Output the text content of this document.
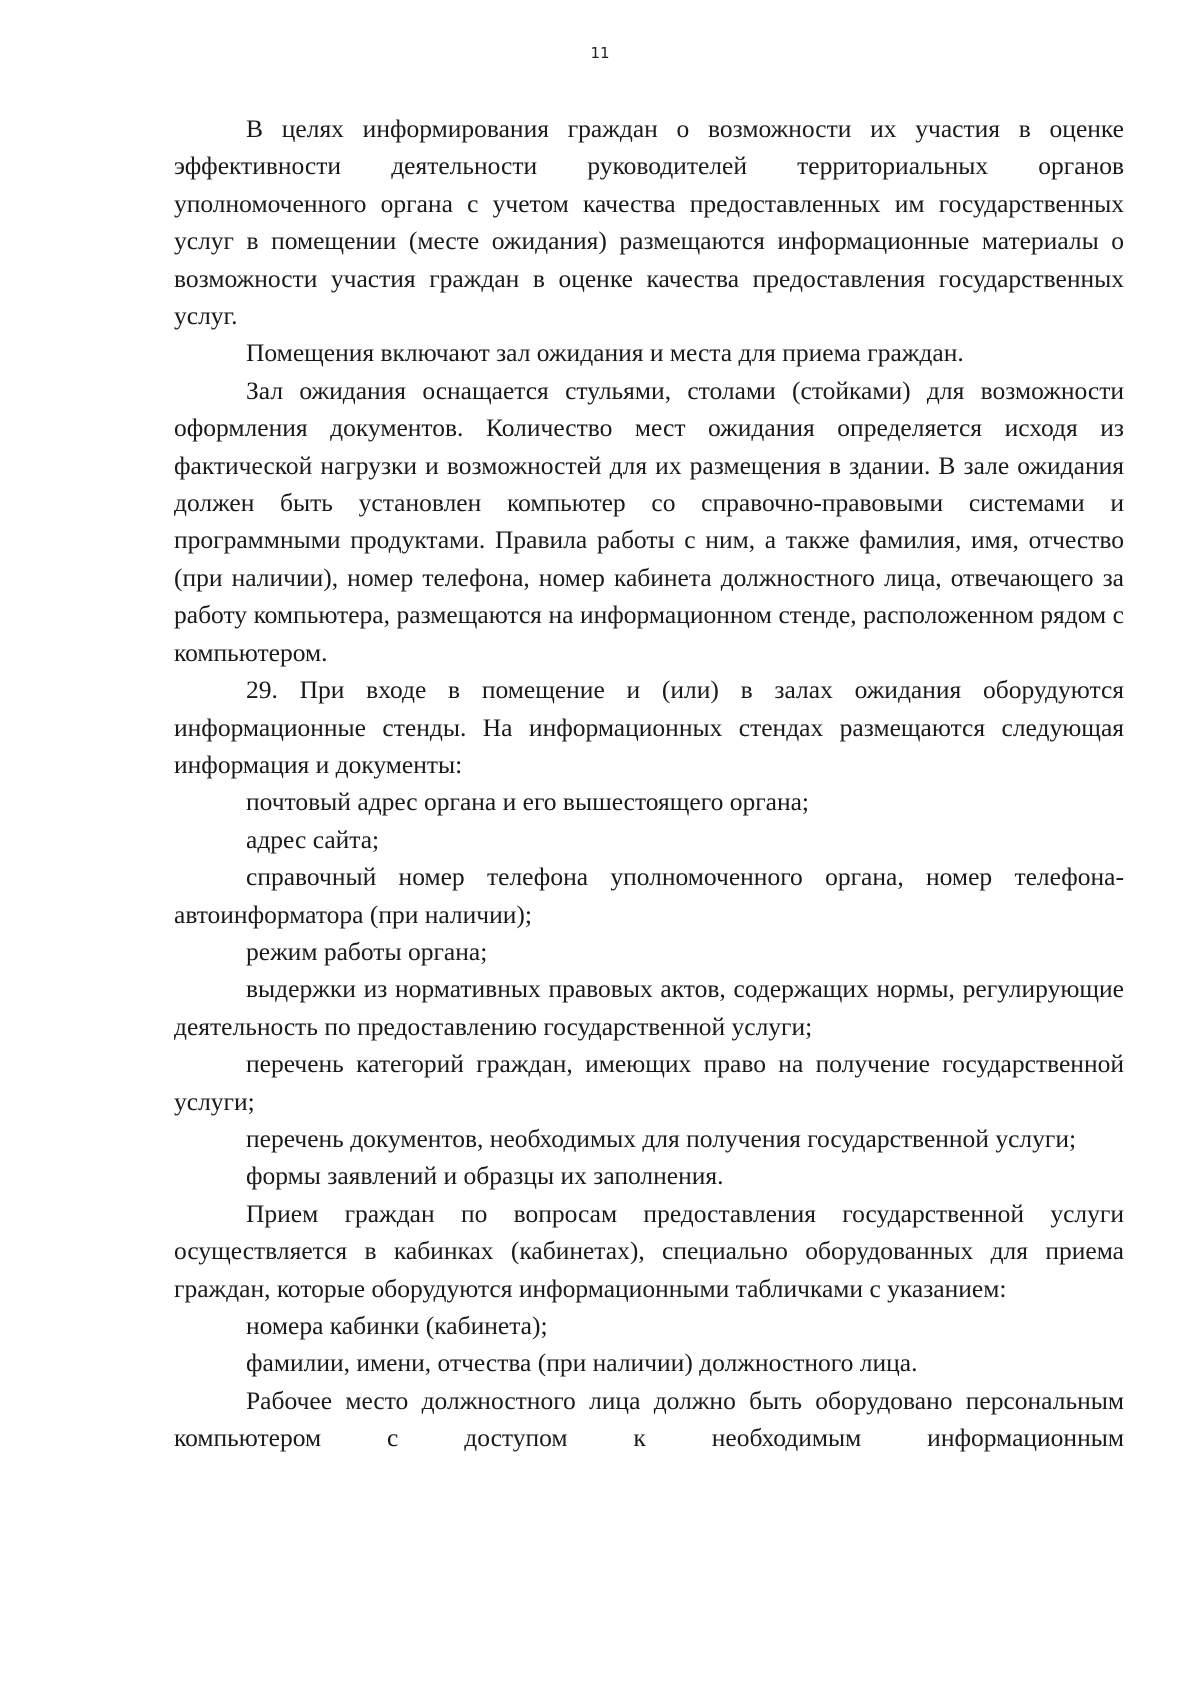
11

В целях информирования граждан о возможности их участия в оценке эффективности деятельности руководителей территориальных органов уполномоченного органа с учетом качества предоставленных им государственных услуг в помещении (месте ожидания) размещаются информационные материалы о возможности участия граждан в оценке качества предоставления государственных услуг.

Помещения включают зал ожидания и места для приема граждан.

Зал ожидания оснащается стульями, столами (стойками) для возможности оформления документов. Количество мест ожидания определяется исходя из фактической нагрузки и возможностей для их размещения в здании. В зале ожидания должен быть установлен компьютер со справочно-правовыми системами и программными продуктами. Правила работы с ним, а также фамилия, имя, отчество (при наличии), номер телефона, номер кабинета должностного лица, отвечающего за работу компьютера, размещаются на информационном стенде, расположенном рядом с компьютером.

29. При входе в помещение и (или) в залах ожидания оборудуются информационные стенды. На информационных стендах размещаются следующая информация и документы:

почтовый адрес органа и его вышестоящего органа;

адрес сайта;

справочный номер телефона уполномоченного органа, номер телефона-автоинформатора (при наличии);

режим работы органа;

выдержки из нормативных правовых актов, содержащих нормы, регулирующие деятельность по предоставлению государственной услуги;

перечень категорий граждан, имеющих право на получение государственной услуги;

перечень документов, необходимых для получения государственной услуги;

формы заявлений и образцы их заполнения.

Прием граждан по вопросам предоставления государственной услуги осуществляется в кабинках (кабинетах), специально оборудованных для приема граждан, которые оборудуются информационными табличками с указанием:

номера кабинки (кабинета);

фамилии, имени, отчества (при наличии) должностного лица.

Рабочее место должностного лица должно быть оборудовано персональным компьютером с доступом к необходимым информационным
